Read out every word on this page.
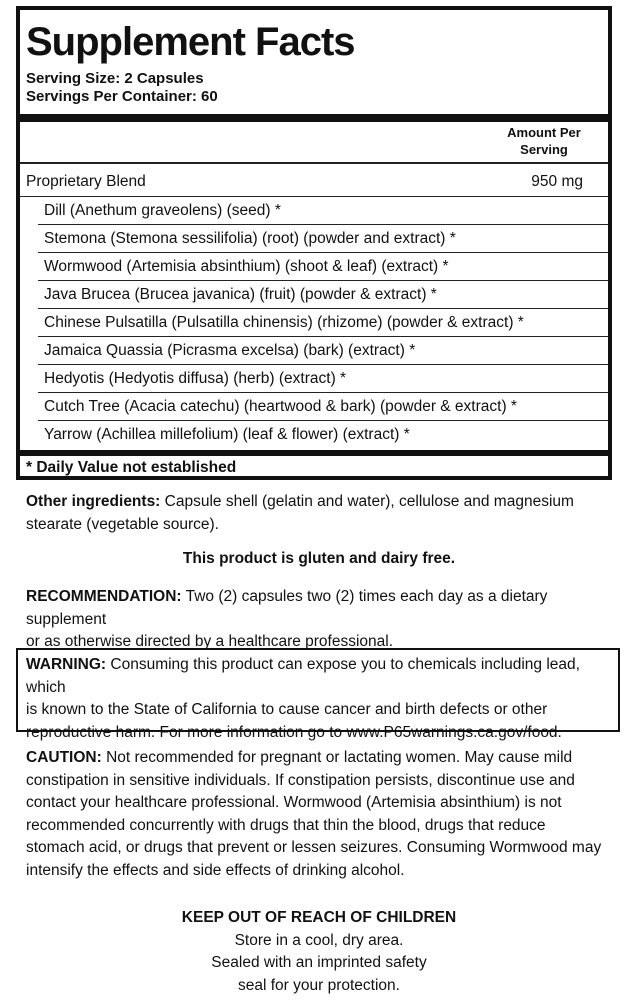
Supplement Facts
Serving Size: 2 Capsules
Servings Per Container: 60
Amount Per
Serving
Proprietary Blend	950 mg
Dill (Anethum graveolens) (seed) *
Stemona (Stemona sessilifolia) (root) (powder and extract) *
Wormwood (Artemisia absinthium) (shoot & leaf) (extract) *
Java Brucea (Brucea javanica) (fruit) (powder & extract) *
Chinese Pulsatilla (Pulsatilla chinensis) (rhizome) (powder & extract) *
Jamaica Quassia (Picrasma excelsa) (bark) (extract) *
Hedyotis (Hedyotis diffusa) (herb) (extract) *
Cutch Tree (Acacia catechu) (heartwood & bark) (powder & extract) *
Yarrow (Achillea millefolium) (leaf & flower) (extract) *
* Daily Value not established
Other ingredients: Capsule shell (gelatin and water), cellulose and magnesium
stearate (vegetable source).
This product is gluten and dairy free.
RECOMMENDATION: Two (2) capsules two (2) times each day as a dietary supplement
or as otherwise directed by a healthcare professional.
WARNING: Consuming this product can expose you to chemicals including lead, which
is known to the State of California to cause cancer and birth defects or other
reproductive harm. For more information go to www.P65warnings.ca.gov/food.
CAUTION: Not recommended for pregnant or lactating women. May cause mild
constipation in sensitive individuals. If constipation persists, discontinue use and
contact your healthcare professional. Wormwood (Artemisia absinthium) is not
recommended concurrently with drugs that thin the blood, drugs that reduce
stomach acid, or drugs that prevent or lessen seizures. Consuming Wormwood may
intensify the effects and side effects of drinking alcohol.
KEEP OUT OF REACH OF CHILDREN
Store in a cool, dry area.
Sealed with an imprinted safety
seal for your protection.
